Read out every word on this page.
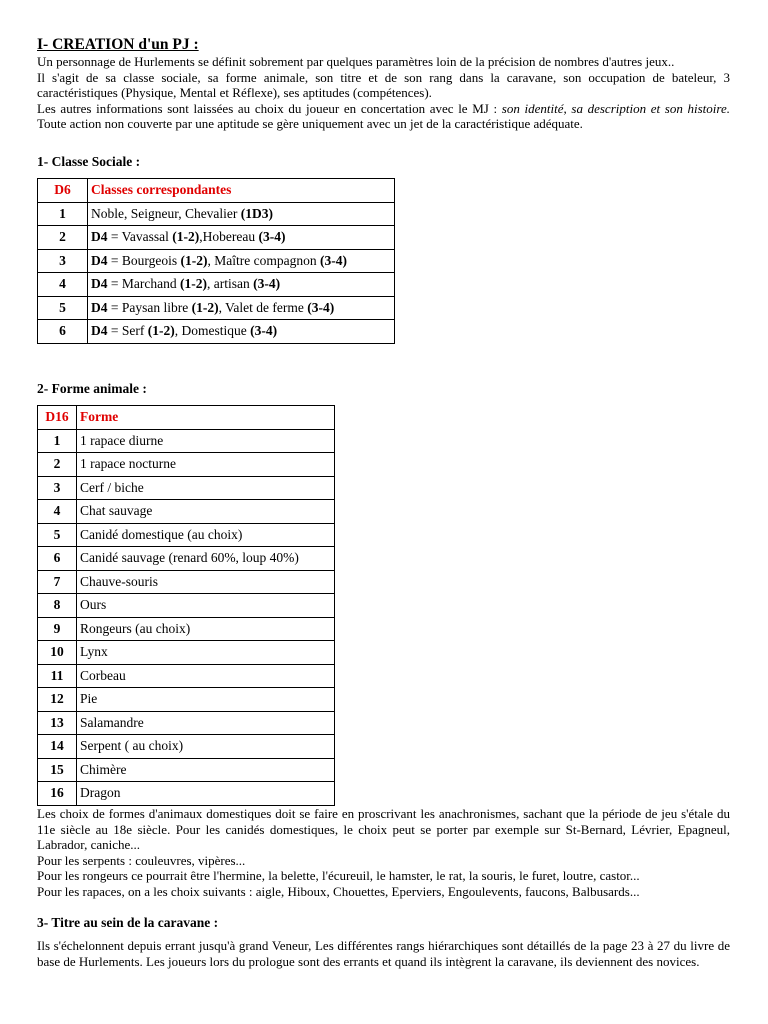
I- CREATION d'un PJ :

Un personnage de Hurlements se définit sobrement par quelques paramètres loin de la précision de nombres d'autres jeux..

Il s'agit de sa classe sociale, sa forme animale, son titre et de son rang dans la caravane, son occupation de bateleur, 3 caractéristiques (Physique, Mental et Réflexe), ses aptitudes (compétences).

Les autres informations sont laissées au choix du joueur en concertation avec le MJ : son identité, sa description et son histoire. Toute action non couverte par une aptitude se gère uniquement avec un jet de la caractéristique adéquate.

1- Classe Sociale :
D6	Classes correspondantes
1	Noble, Seigneur, Chevalier (1D3)
2	D4 = Vavassal (1-2),Hobereau (3-4)
3	D4 = Bourgeois (1-2), Maître compagnon (3-4)
4	D4 = Marchand (1-2), artisan (3-4)
5	D4 = Paysan libre (1-2), Valet de ferme (3-4)
6	D4 = Serf (1-2), Domestique (3-4)
2- Forme animale :
D16	Forme
1	1 rapace diurne
2	1 rapace nocturne
3	Cerf / biche
4	Chat sauvage
5	Canidé domestique (au choix)
6	Canidé sauvage (renard 60%, loup 40%)
7	Chauve-souris
8	Ours
9	Rongeurs (au choix)
10	Lynx
11	Corbeau
12	Pie
13	Salamandre
14	Serpent ( au choix)
15	Chimère
16	Dragon

Les choix de formes d'animaux domestiques doit se faire en proscrivant les anachronismes, sachant que la période de jeu s'étale du 11e siècle au 18e siècle. Pour les canidés domestiques, le choix peut se porter par exemple sur St-Bernard, Lévrier, Epagneul, Labrador, caniche...

Pour les serpents : couleuvres, vipères...

Pour les rongeurs ce pourrait être l'hermine, la belette, l'écureuil, le hamster, le rat, la souris, le furet, loutre, castor...

Pour les rapaces, on a les choix suivants : aigle, Hiboux, Chouettes, Eperviers, Engoulevents, faucons, Balbusards...

3- Titre au sein de la caravane :
Ils s'échelonnent depuis errant jusqu'à grand Veneur, Les différentes rangs hiérarchiques sont détaillés de la page 23 à 27 du livre de base de Hurlements. Les joueurs lors du prologue sont des errants et quand ils intègrent la caravane, ils deviennent des novices.
